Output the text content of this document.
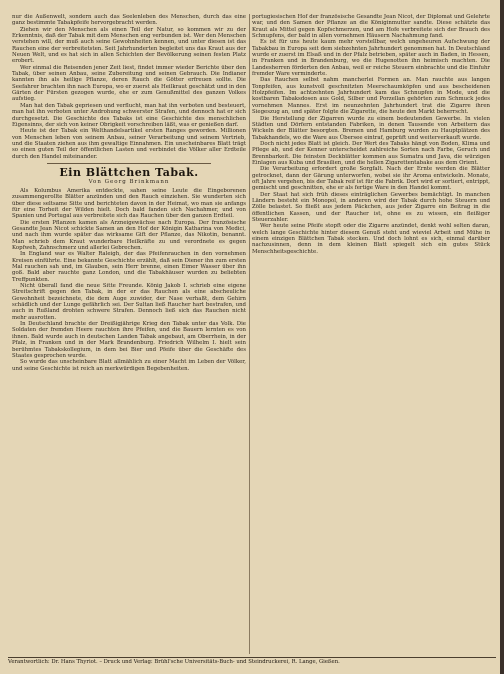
nur die Außenwelt, sondern auch das Seelenleben des Menschen, durch das eine ganz bestimmte Tabakpfeife hervorgebracht werden.

Ziehen wir den Menschen als einen Teil der Natur, so kommen wir zu der Erkenntnis, daß der Tabak mit dem Menschen eng verbunden ist. Wer den Menschen verstehen will, der muß auch seine Gewohnheiten kennen, und unter diesen ist das Rauchen eine der verbreitetsten. Seit Jahrhunderten begleitet uns das Kraut aus der Neuen Welt, und es hat sich in allen Schichten der Bevölkerung seinen festen Platz erobert.

Wer einmal die Reisenden jener Zeit liest, findet immer wieder Berichte über den Tabak, über seinen Anbau, seine Zubereitung und seinen Gebrauch. Die Indianer kannten ihn als heilige Pflanze, deren Rauch die Götter erfreuen sollte. Die Seefahrer brachten ihn nach Europa, wo er zuerst als Heilkraut geschätzt und in den Gärten der Fürsten gezogen wurde, ehe er zum Genußmittel des ganzen Volkes aufstieg.

Man hat den Tabak gepriesen und verflucht, man hat ihn verboten und besteuert, man hat ihn verboten unter Androhung schwerster Strafen, und dennoch hat er sich durchgesetzt. Die Geschichte des Tabaks ist eine Geschichte des menschlichen Eigensinns, der sich von keiner Obrigkeit vorschreiben läßt, was er genießen darf.

Heute ist der Tabak ein Welthandelsartikel ersten Ranges geworden. Millionen von Menschen leben von seinem Anbau, seiner Verarbeitung und seinem Vertrieb, und die Staaten ziehen aus ihm gewaltige Einnahmen. Ein unscheinbares Blatt trägt so einen guten Teil der öffentlichen Lasten und verbindet die Völker aller Erdteile durch den Handel miteinander.

Ein Blättchen Tabak.
Von Georg Brinkmann

Als Kolumbus Amerika entdeckte, sahen seine Leute die Eingeborenen zusammengerollte Blätter anzünden und den Rauch einziehen. Sie wunderten sich über diese seltsame Sitte und berichteten davon in der Heimat, wo man sie anfangs für eine Torheit der Wilden hielt. Doch bald fanden sich Nachahmer, und von Spanien und Portugal aus verbreitete sich das Rauchen über den ganzen Erdteil.

Die ersten Pflanzen kamen als Arzneigewächse nach Europa. Der französische Gesandte Jean Nicot schickte Samen an den Hof der Königin Katharina von Medici, und nach ihm wurde später das wirksame Gift der Pflanze, das Nikotin, benannt. Man schrieb dem Kraut wunderbare Heilkräfte zu und verordnete es gegen Kopfweh, Zahnschmerz und allerlei Gebrechen.

In England war es Walter Raleigh, der das Pfeifenrauchen in den vornehmen Kreisen einführte. Eine bekannte Geschichte erzählt, daß sein Diener ihn zum ersten Mal rauchen sah und, im Glauben, sein Herr brenne, einen Eimer Wasser über ihn goß. Bald aber rauchte ganz London, und die Tabakhäuser wurden zu beliebten Treffpunkten.

Nicht überall fand die neue Sitte Freunde. König Jakob I. schrieb eine eigene Streitschrift gegen den Tabak, in der er das Rauchen als eine abscheuliche Gewohnheit bezeichnete, die dem Auge zuwider, der Nase verhaßt, dem Gehirn schädlich und der Lunge gefährlich sei. Der Sultan ließ Raucher hart bestrafen, und auch in Rußland drohten schwere Strafen. Dennoch ließ sich das Rauchen nicht mehr ausrotten.

In Deutschland brachte der Dreißigjährige Krieg den Tabak unter das Volk. Die Soldaten der fremden Heere rauchten ihre Pfeifen, und die Bauern lernten es von ihnen. Bald wurde auch in deutschen Landen Tabak angebaut, am Oberrhein, in der Pfalz, in Franken und in der Mark Brandenburg. Friedrich Wilhelm I. hielt sein berühmtes Tabakskollegium, in dem bei Bier und Pfeife über die Geschäfte des Staates gesprochen wurde.

So wurde das unscheinbare Blatt allmählich zu einer Macht im Leben der Völker, und seine Geschichte ist reich an merkwürdigen Begebenheiten.

portugiesischen Hof der französische Gesandte Jean Nicot, der Diplomat und Gelehrte war, und den Samen der Pflanze an die Königinmutter sandte. Diese schätzte das Kraut als Mittel gegen Kopfschmerzen, und am Hofe verbreitete sich der Brauch des Schnupfens, der bald in allen vornehmen Häusern Nachahmung fand.

Es ist für uns heute kaum mehr vorstellbar, welch ungeheuren Aufschwung der Tabakbau in Europa seit dem siebzehnten Jahrhundert genommen hat. In Deutschland wurde er zuerst im Elsaß und in der Pfalz betrieben, später auch in Baden, in Hessen, in Franken und in Brandenburg, wo die Hugenotten ihn heimisch machten. Die Landesherren förderten den Anbau, weil er reiche Steuern einbrachte und die Einfuhr fremder Ware verminderte.

Das Rauchen selbst nahm mancherlei Formen an. Man rauchte aus langen Tonpfeifen, aus kunstvoll geschnitzten Meerschaumköpfen und aus bescheidenen Holzpfeifen. Im achtzehnten Jahrhundert kam das Schnupfen in Mode, und die kostbaren Tabaksdosen aus Gold, Silber und Porzellan gehörten zum Schmuck jedes vornehmen Mannes. Erst im neunzehnten Jahrhundert trat die Zigarre ihren Siegeszug an, und später folgte die Zigarette, die heute den Markt beherrscht.

Die Herstellung der Zigarren wurde zu einem bedeutenden Gewerbe. In vielen Städten und Dörfern entstanden Fabriken, in denen Tausende von Arbeitern das Wickeln der Blätter besorgten. Bremen und Hamburg wurden zu Hauptplätzen des Tabakhandels, wo die Ware aus Übersee eintraf, geprüft und weiterverkauft wurde.

Doch nicht jedes Blatt ist gleich. Der Wert des Tabaks hängt von Boden, Klima und Pflege ab, und der Kenner unterscheidet zahlreiche Sorten nach Farbe, Geruch und Brennbarkeit. Die feinsten Deckblätter kommen aus Sumatra und Java, die würzigen Einlagen aus Kuba und Brasilien, und die hellen Zigarettentabake aus dem Orient.

Die Verarbeitung erfordert große Sorgfalt. Nach der Ernte werden die Blätter getrocknet, dann der Gärung unterworfen, wobei sie ihr Aroma entwickeln. Monate, oft Jahre vergehen, bis der Tabak reif ist für die Fabrik. Dort wird er sortiert, entrippt, gemischt und geschnitten, ehe er als fertige Ware in den Handel kommt.

Der Staat hat sich früh dieses einträglichen Gewerbes bemächtigt. In manchen Ländern besteht ein Monopol, in anderen wird der Tabak durch hohe Steuern und Zölle belastet. So fließt aus jedem Päckchen, aus jeder Zigarre ein Beitrag in die öffentlichen Kassen, und der Raucher ist, ohne es zu wissen, ein fleißiger Steuerzahler.

Wer heute seine Pfeife stopft oder die Zigarre anzündet, denkt wohl selten daran, welch lange Geschichte hinter diesem Genuß steht und wieviel Arbeit und Mühe in einem einzigen Blättchen Tabak stecken. Und doch lohnt es sich, einmal darüber nachzusinnen, denn in dem kleinen Blatt spiegelt sich ein gutes Stück Menschheitsgeschichte.

Verantwortlich: Dr. Hans Thyriot. – Druck und Verlag: Brühl'sche Universitäts-Buch- und Steindruckerei, R. Lange, Gießen.
